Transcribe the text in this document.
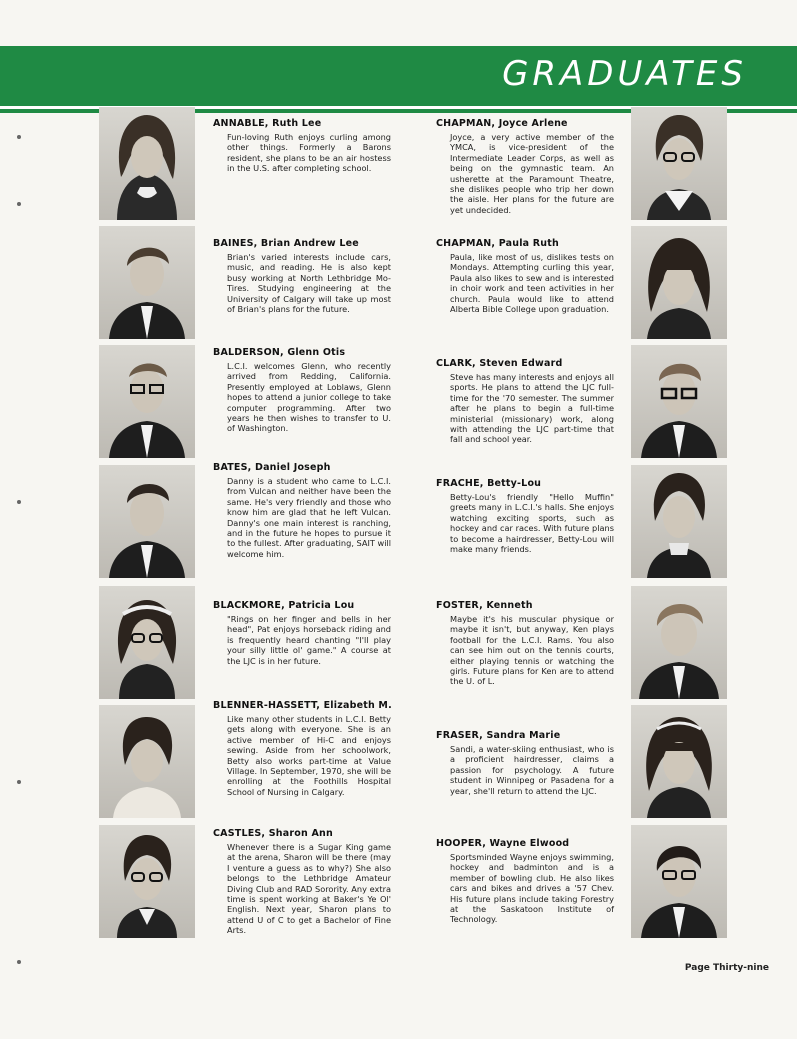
GRADUATES
ANNABLE, Ruth Lee

Fun-loving Ruth enjoys curling among other things. Formerly a Barons resident, she plans to be an air hostess in the U.S. after completing school.

BAINES, Brian Andrew Lee

Brian's varied interests include cars, music, and reading. He is also kept busy working at North Lethbridge Mo-Tires. Studying engineering at the University of Calgary will take up most of Brian's plans for the future.

BALDERSON, Glenn Otis

L.C.I. welcomes Glenn, who recently arrived from Redding, California. Presently employed at Loblaws, Glenn hopes to attend a junior college to take computer programming. After two years he then wishes to transfer to U. of Washington.

BATES, Daniel Joseph

Danny is a student who came to L.C.I. from Vulcan and neither have been the same. He's very friendly and those who know him are glad that he left Vulcan. Danny's one main interest is ranching, and in the future he hopes to pursue it to the fullest. After graduating, SAIT will welcome him.

BLACKMORE, Patricia Lou

"Rings on her finger and bells in her head", Pat enjoys horseback riding and is frequently heard chanting "I'll play your silly little ol' game." A course at the LJC is in her future.

BLENNER-HASSETT, Elizabeth M.

Like many other students in L.C.I. Betty gets along with everyone. She is an active member of Hi-C and enjoys sewing. Aside from her schoolwork, Betty also works part-time at Value Village. In September, 1970, she will be enrolling at the Foothills Hospital School of Nursing in Calgary.

CASTLES, Sharon Ann

Whenever there is a Sugar King game at the arena, Sharon will be there (may I venture a guess as to why?) She also belongs to the Lethbridge Amateur Diving Club and RAD Sorority. Any extra time is spent working at Baker's Ye Ol' English. Next year, Sharon plans to attend U of C to get a Bachelor of Fine Arts.

CHAPMAN, Joyce Arlene

Joyce, a very active member of the YMCA, is vice-president of the Intermediate Leader Corps, as well as being on the gymnastic team. An usherette at the Paramount Theatre, she dislikes people who trip her down the aisle. Her plans for the future are yet undecided.

CHAPMAN, Paula Ruth

Paula, like most of us, dislikes tests on Mondays. Attempting curling this year, Paula also likes to sew and is interested in choir work and teen activities in her church. Paula would like to attend Alberta Bible College upon graduation.

CLARK, Steven Edward

Steve has many interests and enjoys all sports. He plans to attend the LJC full-time for the '70 semester. The summer after he plans to begin a full-time ministerial (missionary) work, along with attending the LJC part-time that fall and school year.

FRACHE, Betty-Lou

Betty-Lou's friendly "Hello Muffin" greets many in L.C.I.'s halls. She enjoys watching exciting sports, such as hockey and car races. With future plans to become a hairdresser, Betty-Lou will make many friends.

FOSTER, Kenneth

Maybe it's his muscular physique or maybe it isn't, but anyway, Ken plays football for the L.C.I. Rams. You also can see him out on the tennis courts, either playing tennis or watching the girls. Future plans for Ken are to attend the U. of L.

FRASER, Sandra Marie

Sandi, a water-skiing enthusiast, who is a proficient hairdresser, claims a passion for psychology. A future student in Winnipeg or Pasadena for a year, she'll return to attend the LJC.

HOOPER, Wayne Elwood

Sportsminded Wayne enjoys swimming, hockey and badminton and is a member of bowling club. He also likes cars and bikes and drives a '57 Chev. His future plans include taking Forestry at the Saskatoon Institute of Technology.

Page Thirty-nine
